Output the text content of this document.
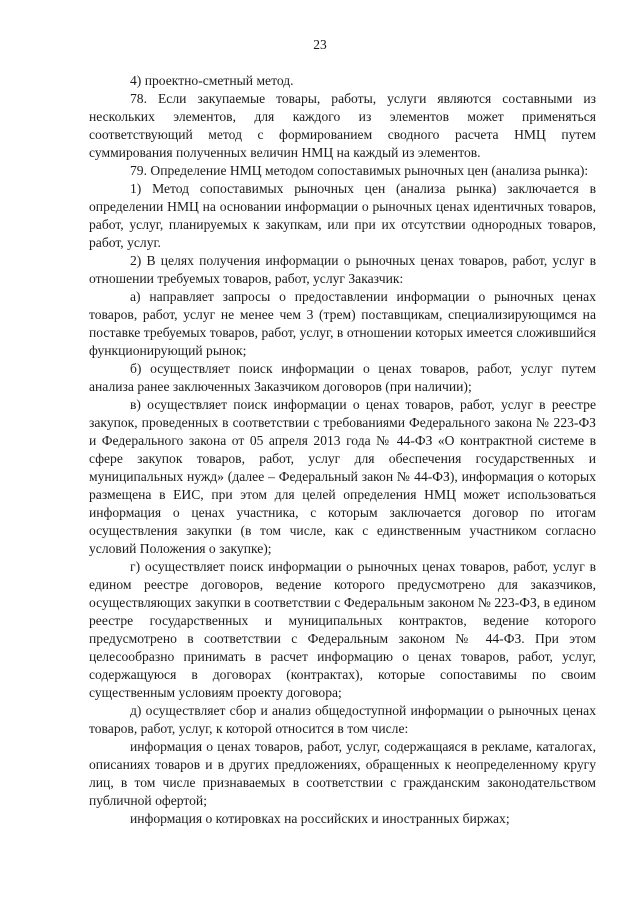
23

4) проектно-сметный метод.

78. Если закупаемые товары, работы, услуги являются составными из нескольких элементов, для каждого из элементов может применяться соответствующий метод с формированием сводного расчета НМЦ путем суммирования полученных величин НМЦ на каждый из элементов.

79. Определение НМЦ методом сопоставимых рыночных цен (анализа рынка):

1) Метод сопоставимых рыночных цен (анализа рынка) заключается в определении НМЦ на основании информации о рыночных ценах идентичных товаров, работ, услуг, планируемых к закупкам, или при их отсутствии однородных товаров, работ, услуг.

2) В целях получения информации о рыночных ценах товаров, работ, услуг в отношении требуемых товаров, работ, услуг Заказчик:

а) направляет запросы о предоставлении информации о рыночных ценах товаров, работ, услуг не менее чем 3 (трем) поставщикам, специализирующимся на поставке требуемых товаров, работ, услуг, в отношении которых имеется сложившийся функционирующий рынок;

б) осуществляет поиск информации о ценах товаров, работ, услуг путем анализа ранее заключенных Заказчиком договоров (при наличии);

в) осуществляет поиск информации о ценах товаров, работ, услуг в реестре закупок, проведенных в соответствии с требованиями Федерального закона № 223-ФЗ и Федерального закона от 05 апреля 2013 года № 44-ФЗ «О контрактной системе в сфере закупок товаров, работ, услуг для обеспечения государственных и муниципальных нужд» (далее – Федеральный закон № 44-ФЗ), информация о которых размещена в ЕИС, при этом для целей определения НМЦ может использоваться информация о ценах участника, с которым заключается договор по итогам осуществления закупки (в том числе, как с единственным участником согласно условий Положения о закупке);

г) осуществляет поиск информации о рыночных ценах товаров, работ, услуг в едином реестре договоров, ведение которого предусмотрено для заказчиков, осуществляющих закупки в соответствии с Федеральным законом № 223-ФЗ, в едином реестре государственных и муниципальных контрактов, ведение которого предусмотрено в соответствии с Федеральным законом № 44-ФЗ. При этом целесообразно принимать в расчет информацию о ценах товаров, работ, услуг, содержащуюся в договорах (контрактах), которые сопоставимы по своим существенным условиям проекту договора;

д) осуществляет сбор и анализ общедоступной информации о рыночных ценах товаров, работ, услуг, к которой относится в том числе:

информация о ценах товаров, работ, услуг, содержащаяся в рекламе, каталогах, описаниях товаров и в других предложениях, обращенных к неопределенному кругу лиц, в том числе признаваемых в соответствии с гражданским законодательством публичной офертой;

информация о котировках на российских и иностранных биржах;
